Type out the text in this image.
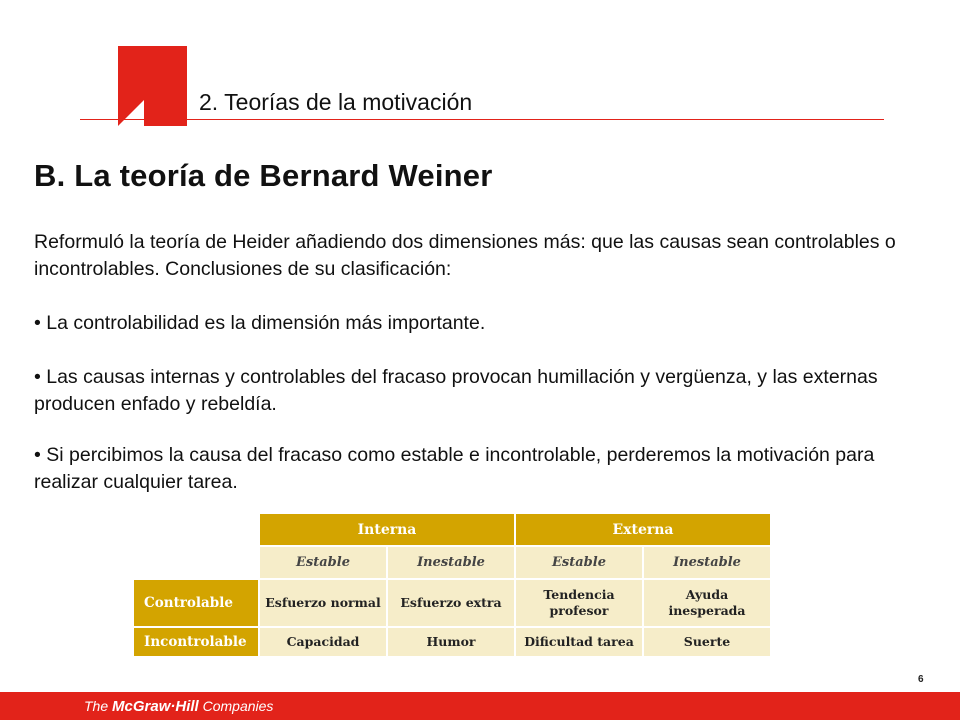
2. Teorías de la motivación
B. La teoría de Bernard Weiner
Reformuló la teoría de Heider añadiendo dos dimensiones más: que las causas sean controlables o incontrolables. Conclusiones de su clasificación:
• La controlabilidad es la dimensión más importante.
• Las causas internas y controlables del fracaso provocan humillación y vergüenza, y las externas producen enfado y rebeldía.
• Si percibimos la causa del fracaso como estable e incontrolable, perderemos la motivación para realizar cualquier tarea.
	Interna		Externa	
	Estable	Inestable	Estable	Inestable
Controlable	Esfuerzo normal	Esfuerzo extra	Tendencia profesor	Ayuda inesperada
Incontrolable	Capacidad	Humor	Dificultad tarea	Suerte
6
The McGraw·Hill Companies
